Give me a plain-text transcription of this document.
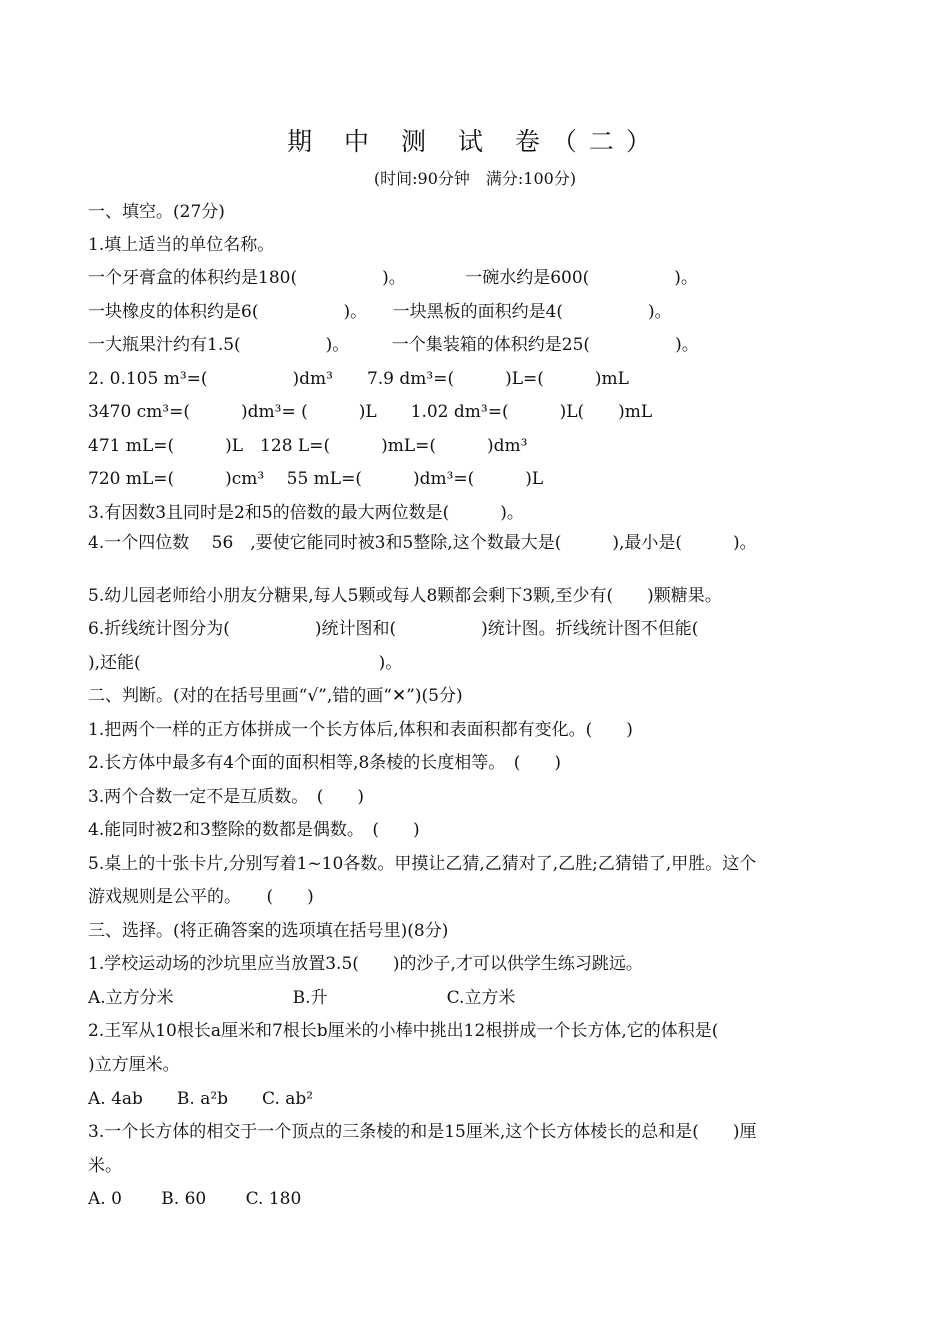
期 中 测 试 卷（二）
(时间:90分钟　满分:100分)
一、填空。(27分)
1.填上适当的单位名称。
一个牙膏盒的体积约是180(　　　　　)。　　　　一碗水约是600(　　　　　)。
一块橡皮的体积约是6(　　　　　)。　　一块黑板的面积约是4(　　　　　)。
一大瓶果汁约有1.5(　　　　　)。　　　一个集装箱的体积约是25(　　　　　)。
2. 0.105 m³=(　　　　　)dm³　　7.9 dm³=(　　　)L=(　　　)mL
3470 cm³=(　　　)dm³= (　　　)L　　1.02 dm³=(　　　)L(　　)mL
471 mL=(　　　)L　128 L=(　　　)mL=(　　　)dm³
720 mL=(　　　)cm³　 55 mL=(　　　)dm³=(　　　)L
3.有因数3且同时是2和5的倍数的最大两位数是(　　　)。
4.一个四位数　 56　,要使它能同时被3和5整除,这个数最大是(　　　),最小是(　　　)。
5.幼儿园老师给小朋友分糖果,每人5颗或每人8颗都会剩下3颗,至少有(　　)颗糖果。
6.折线统计图分为(　　　　　)统计图和(　　　　　)统计图。折线统计图不但能(
),还能(　　　　　　　　　　　　　　)。
二、判断。(对的在括号里画“√”,错的画“✕”)(5分)
1.把两个一样的正方体拼成一个长方体后,体积和表面积都有变化。(　　)
2.长方体中最多有4个面的面积相等,8条棱的长度相等。　(　　)
3.两个合数一定不是互质数。　(　　)
4.能同时被2和3整除的数都是偶数。　(　　)
5.桌上的十张卡片,分别写着1~10各数。甲摸让乙猜,乙猜对了,乙胜;乙猜错了,甲胜。这个
游戏规则是公平的。　　(　　)
三、选择。(将正确答案的选项填在括号里)(8分)
1.学校运动场的沙坑里应当放置3.5(　　)的沙子,才可以供学生练习跳远。
A.立方分米　　　　　　　B.升　　　　　　　C.立方米
2.王军从10根长a厘米和7根长b厘米的小棒中挑出12根拼成一个长方体,它的体积是(
)立方厘米。
A. 4ab　　B. a²b　　C. ab²
3.一个长方体的相交于一个顶点的三条棱的和是15厘米,这个长方体棱长的总和是(　　)厘
米。
A. 0　　 B. 60　　 C. 180
